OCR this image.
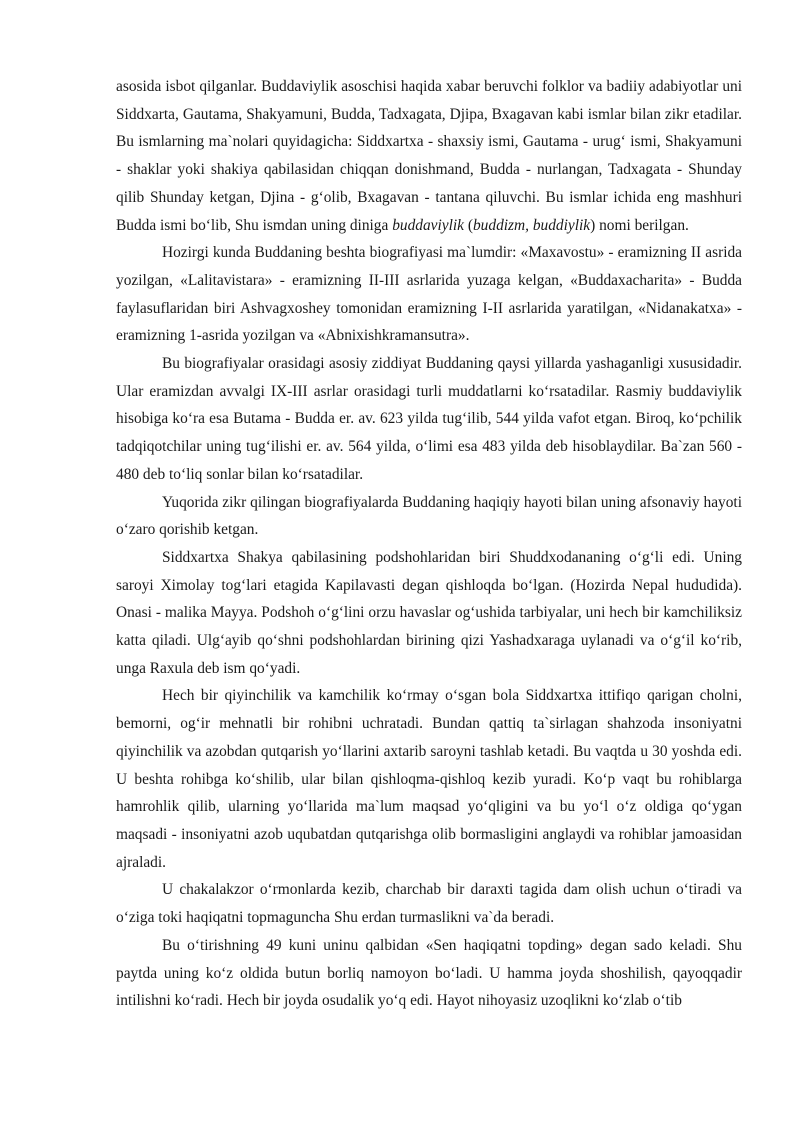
asosida isbot qilganlar. Buddaviylik asoschisi haqida xabar beruvchi folklor va badiiy adabiyotlar uni Siddxarta, Gautama, Shakyamuni, Budda, Tadxagata, Djipa, Bxagavan kabi ismlar bilan zikr etadilar. Bu ismlarning ma`nolari quyidagicha: Siddxartxa - shaxsiy ismi, Gautama - urug‘ ismi, Shakyamuni - shaklar yoki shakiya qabilasidan chiqqan donishmand, Budda - nurlangan, Tadxagata - Shunday qilib Shunday ketgan, Djina - g‘olib, Bxagavan - tantana qiluvchi. Bu ismlar ichida eng mashhuri Budda ismi bo‘lib, Shu ismdan uning diniga buddaviylik (buddizm, buddiylik) nomi berilgan.

Hozirgi kunda Buddaning beshta biografiyasi ma`lumdir: «Maxavostu» - eramizning II asrida yozilgan, «Lalitavistara» - eramizning II-III asrlarida yuzaga kelgan, «Buddaxacharita» - Budda faylasuflaridan biri Ashvagxoshey tomonidan eramizning I-II asrlarida yaratilgan, «Nidanakatxa» - eramizning 1-asrida yozilgan va «Abnixishkramansutra».

Bu biografiyalar orasidagi asosiy ziddiyat Buddaning qaysi yillarda yashaganligi xususidadir. Ular eramizdan avvalgi IX-III asrlar orasidagi turli muddatlarni ko‘rsatadilar. Rasmiy buddaviylik hisobiga ko‘ra esa Butama - Budda er. av. 623 yilda tug‘ilib, 544 yilda vafot etgan. Biroq, ko‘pchilik tadqiqotchilar uning tug‘ilishi er. av. 564 yilda, o‘limi esa 483 yilda deb hisoblaydilar. Ba`zan 560 - 480 deb to‘liq sonlar bilan ko‘rsatadilar.

Yuqorida zikr qilingan biografiyalarda Buddaning haqiqiy hayoti bilan uning afsonaviy hayoti o‘zaro qorishib ketgan.

Siddxartxa Shakya qabilasining podshohlaridan biri Shuddxodananing o‘g‘li edi. Uning saroyi Ximolay tog‘lari etagida Kapilavasti degan qishloqda bo‘lgan. (Hozirda Nepal hududida). Onasi - malika Mayya. Podshoh o‘g‘lini orzu havaslar og‘ushida tarbiyalar, uni hech bir kamchiliksiz katta qiladi. Ulg‘ayib qo‘shni podshohlardan birining qizi Yashadxaraga uylanadi va o‘g‘il ko‘rib, unga Raxula deb ism qo‘yadi.

Hech bir qiyinchilik va kamchilik ko‘rmay o‘sgan bola Siddxartxa ittifiqo qarigan cholni, bemorni, og‘ir mehnatli bir rohibni uchratadi. Bundan qattiq ta`sirlagan shahzoda insoniyatni qiyinchilik va azobdan qutqarish yo‘llarini axtarib saroyni tashlab ketadi. Bu vaqtda u 30 yoshda edi. U beshta rohibga ko‘shilib, ular bilan qishloqma-qishloq kezib yuradi. Ko‘p vaqt bu rohiblarga hamrohlik qilib, ularning yo‘llarida ma`lum maqsad yo‘qligini va bu yo‘l o‘z oldiga qo‘ygan maqsadi - insoniyatni azob uqubatdan qutqarishga olib bormasligini anglaydi va rohiblar jamoasidan ajraladi.

U chakalakzor o‘rmonlarda kezib, charchab bir daraxti tagida dam olish uchun o‘tiradi va o‘ziga toki haqiqatni topmaguncha Shu erdan turmaslikni va`da beradi.

Bu o‘tirishning 49 kuni uninu qalbidan «Sen haqiqatni topding» degan sado keladi. Shu paytda uning ko‘z oldida butun borliq namoyon bo‘ladi. U hamma joyda shoshilish, qayoqqadir intilishni ko‘radi. Hech bir joyda osudalik yo‘q edi. Hayot nihoyasiz uzoqlikni ko‘zlab o‘tib
